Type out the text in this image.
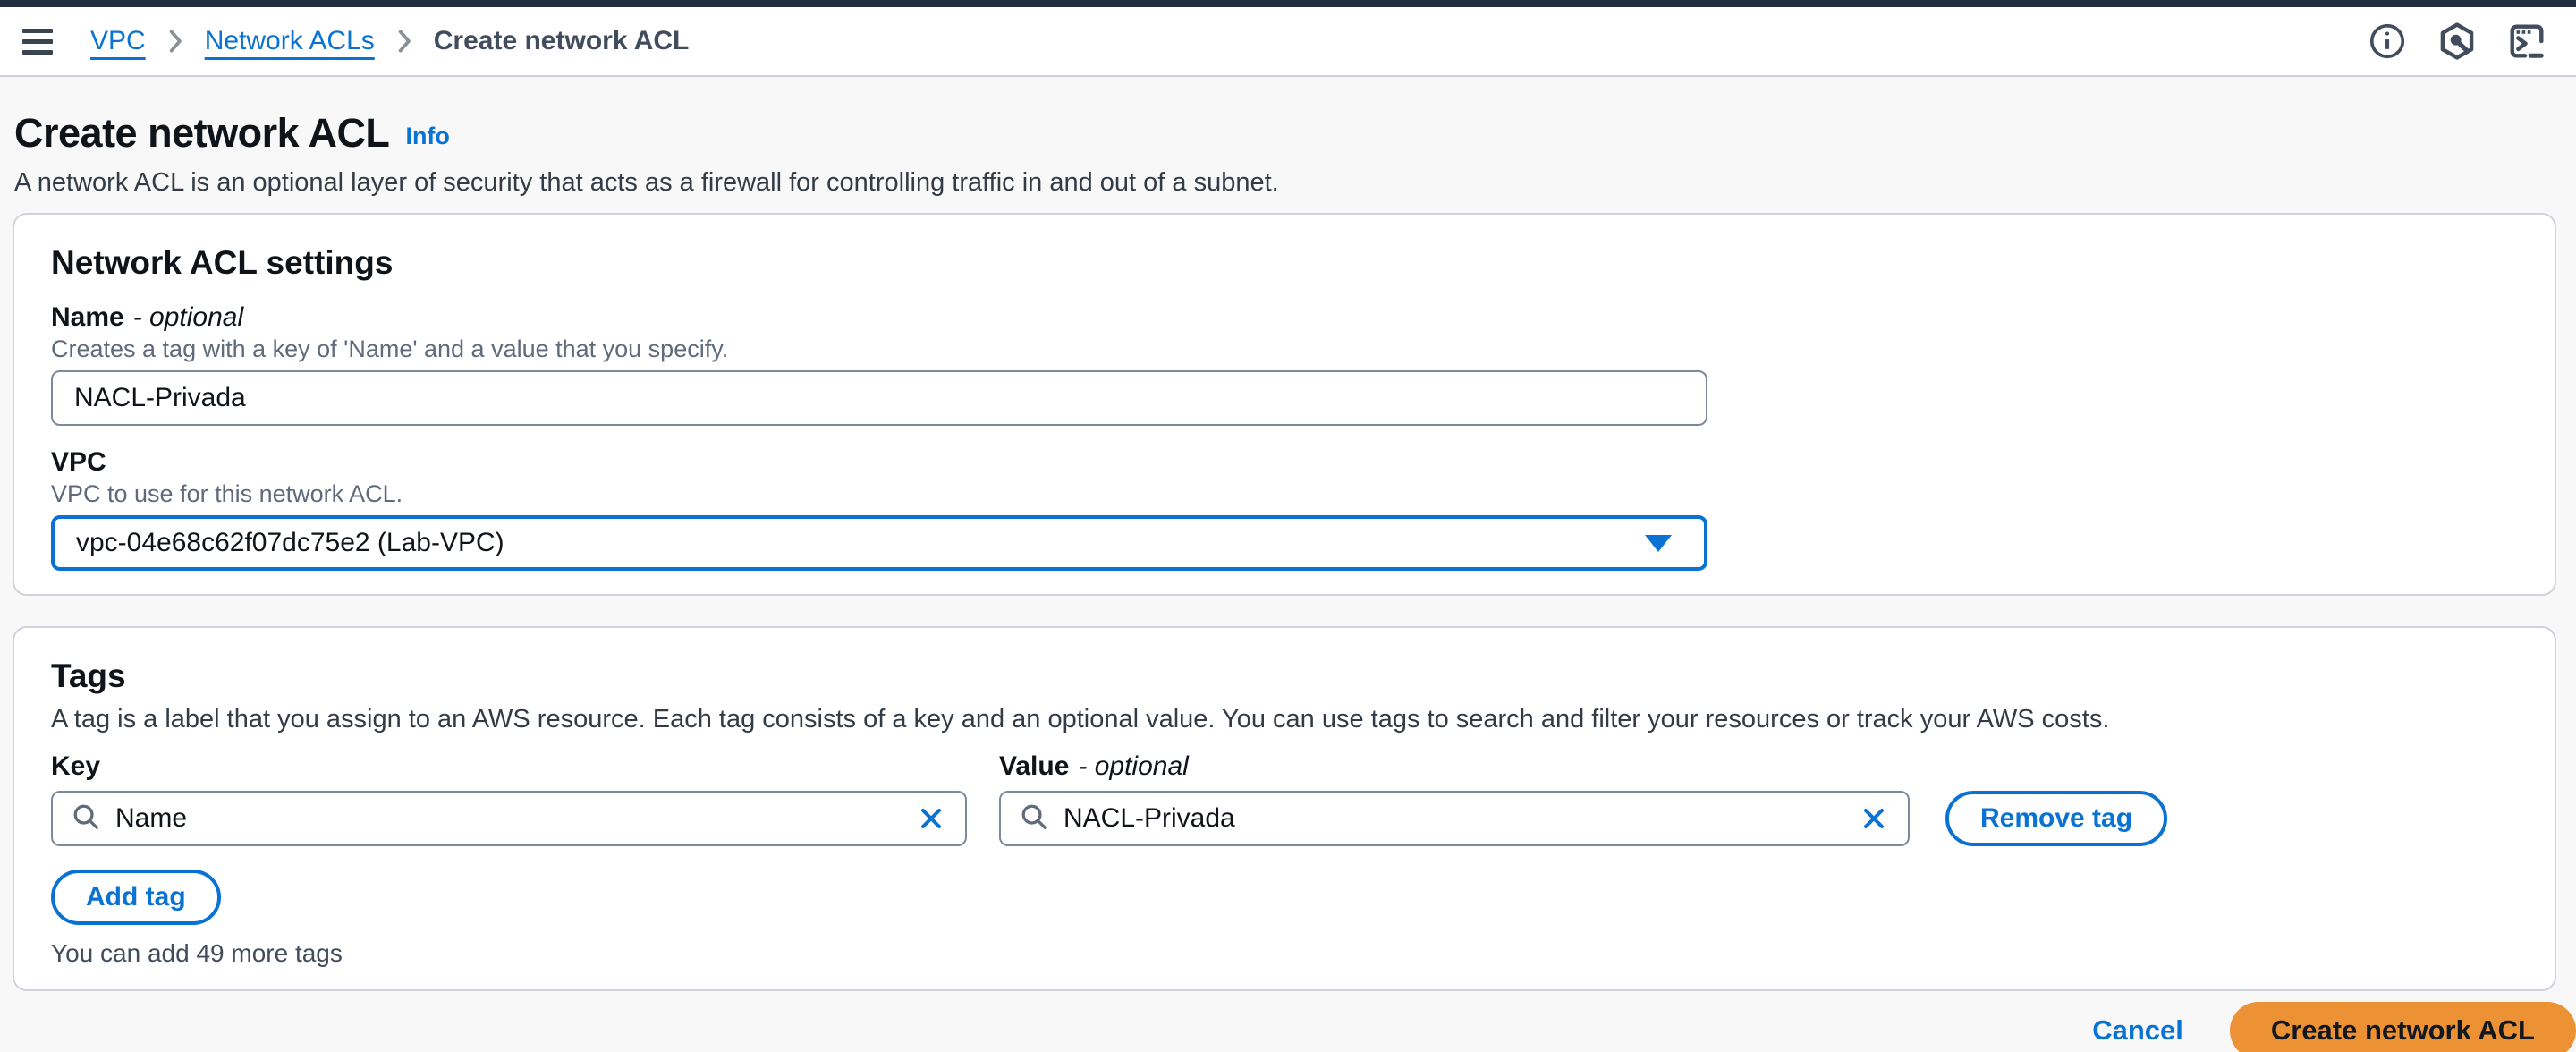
VPC Network ACLs Create network ACL
Create network ACL Info
A network ACL is an optional layer of security that acts as a firewall for controlling traffic in and out of a subnet.
Network ACL settings
Name - optional
Creates a tag with a key of 'Name' and a value that you specify.
NACL-Privada
VPC
VPC to use for this network ACL.
vpc-04e68c62f07dc75e2 (Lab-VPC)
Tags
A tag is a label that you assign to an AWS resource. Each tag consists of a key and an optional value. You can use tags to search and filter your resources or track your AWS costs.
Key
Name	Value - optional
NACL-Privada
Remove tag
Add tag
You can add 49 more tags
Cancel	Create network ACL
